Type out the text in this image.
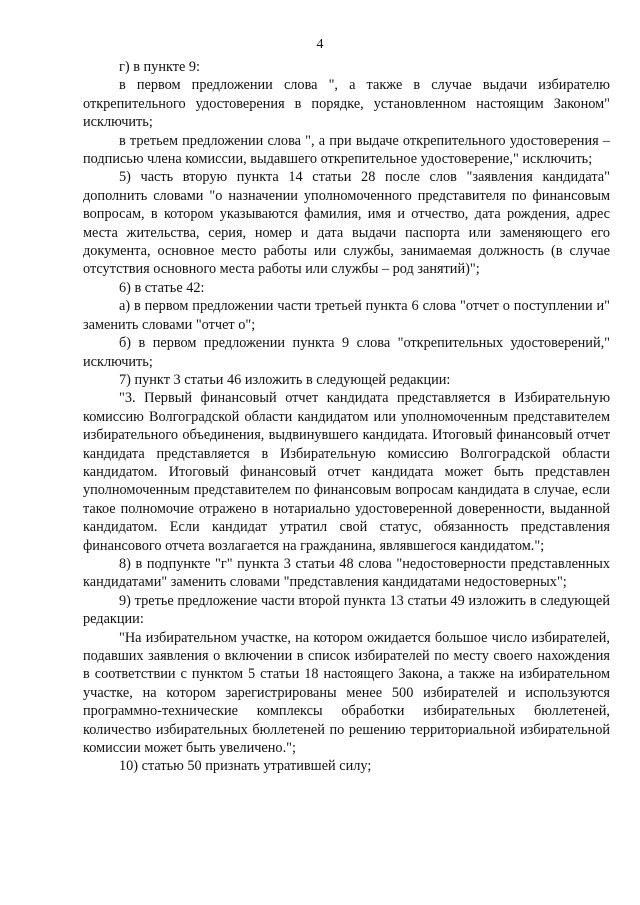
4

г) в пункте 9:

в первом предложении слова ", а также в случае выдачи избирателю открепительного удостоверения в порядке, установленном настоящим Законом" исключить;

в третьем предложении слова ", а при выдаче открепительного удостоверения – подписью члена комиссии, выдавшего открепительное удостоверение," исключить;

5) часть вторую пункта 14 статьи 28 после слов "заявления кандидата" дополнить словами "о назначении уполномоченного представителя по финансовым вопросам, в котором указываются фамилия, имя и отчество, дата рождения, адрес места жительства, серия, номер и дата выдачи паспорта или заменяющего его документа, основное место работы или службы, занимаемая должность (в случае отсутствия основного места работы или службы – род занятий)";

6) в статье 42:

а) в первом предложении части третьей пункта 6 слова "отчет о поступлении и" заменить словами "отчет о";

б) в первом предложении пункта 9 слова "открепительных удостоверений," исключить;

7) пункт 3 статьи 46 изложить в следующей редакции:

"3. Первый финансовый отчет кандидата представляется в Избирательную комиссию Волгоградской области кандидатом или уполномоченным представителем избирательного объединения, выдвинувшего кандидата. Итоговый финансовый отчет кандидата представляется в Избирательную комиссию Волгоградской области кандидатом. Итоговый финансовый отчет кандидата может быть представлен уполномоченным представителем по финансовым вопросам кандидата в случае, если такое полномочие отражено в нотариально удостоверенной доверенности, выданной кандидатом. Если кандидат утратил свой статус, обязанность представления финансового отчета возлагается на гражданина, являвшегося кандидатом.";

8) в подпункте "г" пункта 3 статьи 48 слова "недостоверности представленных кандидатами" заменить словами "представления кандидатами недостоверных";

9) третье предложение части второй пункта 13 статьи 49 изложить в следующей редакции:

"На избирательном участке, на котором ожидается большое число избирателей, подавших заявления о включении в список избирателей по месту своего нахождения в соответствии с пунктом 5 статьи 18 настоящего Закона, а также на избирательном участке, на котором зарегистрированы менее 500 избирателей и используются программно-технические комплексы обработки избирательных бюллетеней, количество избирательных бюллетеней по решению территориальной избирательной комиссии может быть увеличено.";

10) статью 50 признать утратившей силу;
